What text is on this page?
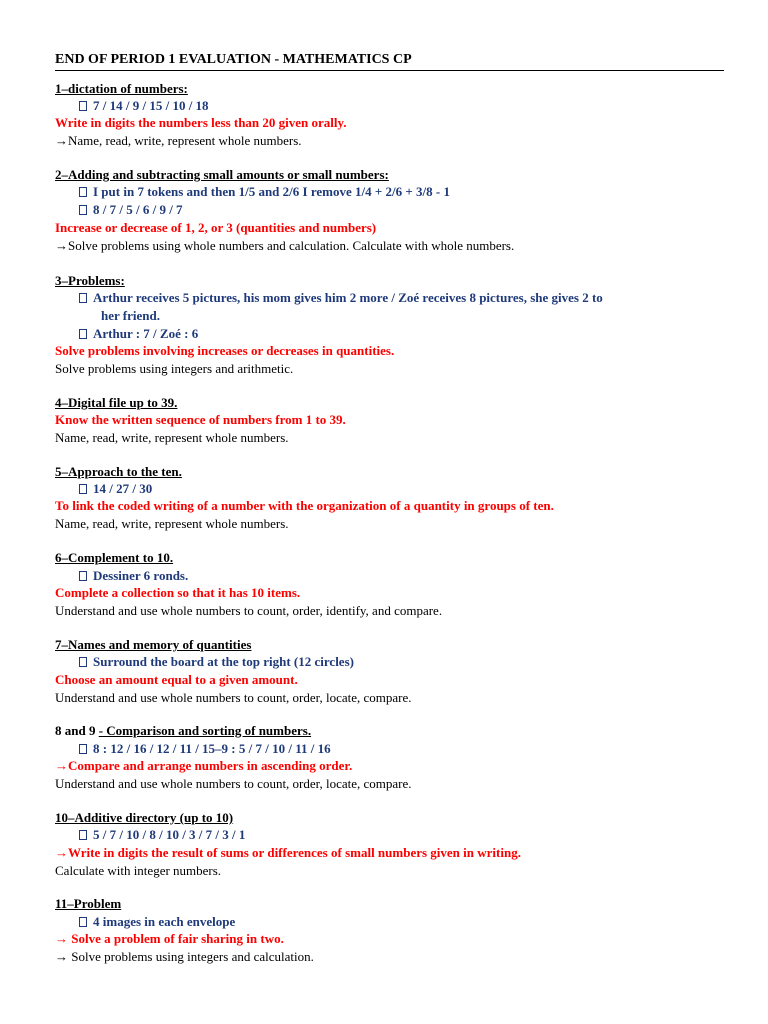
END OF PERIOD 1 EVALUATION - MATHEMATICS CP
1–dictation of numbers:
7 / 14 / 9 / 15 / 10 / 18
Write in digits the numbers less than 20 given orally.
→Name, read, write, represent whole numbers.
2–Adding and subtracting small amounts or small numbers:
I put in 7 tokens and then 1/5 and 2/6 I remove 1/4 + 2/6 + 3/8 - 1
8 / 7 / 5 / 6 / 9 / 7
Increase or decrease of 1, 2, or 3 (quantities and numbers)
→Solve problems using whole numbers and calculation. Calculate with whole numbers.
3–Problems:
Arthur receives 5 pictures, his mom gives him 2 more / Zoé receives 8 pictures, she gives 2 to
her friend.
Arthur : 7 / Zoé : 6
Solve problems involving increases or decreases in quantities.
Solve problems using integers and arithmetic.
4–Digital file up to 39.
Know the written sequence of numbers from 1 to 39.
Name, read, write, represent whole numbers.
5–Approach to the ten.
14 / 27 / 30
To link the coded writing of a number with the organization of a quantity in groups of ten.
Name, read, write, represent whole numbers.
6–Complement to 10.
Dessiner 6 ronds.
Complete a collection so that it has 10 items.
Understand and use whole numbers to count, order, identify, and compare.
7–Names and memory of quantities
Surround the board at the top right (12 circles)
Choose an amount equal to a given amount.
Understand and use whole numbers to count, order, locate, compare.
8 and 9 - Comparison and sorting of numbers.
8 : 12 / 16 / 12 / 11 / 15–9 : 5 / 7 / 10 / 11 / 16
→Compare and arrange numbers in ascending order.
Understand and use whole numbers to count, order, locate, compare.
10–Additive directory (up to 10)
5 / 7 / 10 / 8 / 10 / 3 / 7 / 3 / 1
→Write in digits the result of sums or differences of small numbers given in writing.
Calculate with integer numbers.
11–Problem
4 images in each envelope
→ Solve a problem of fair sharing in two.
→ Solve problems using integers and calculation.
